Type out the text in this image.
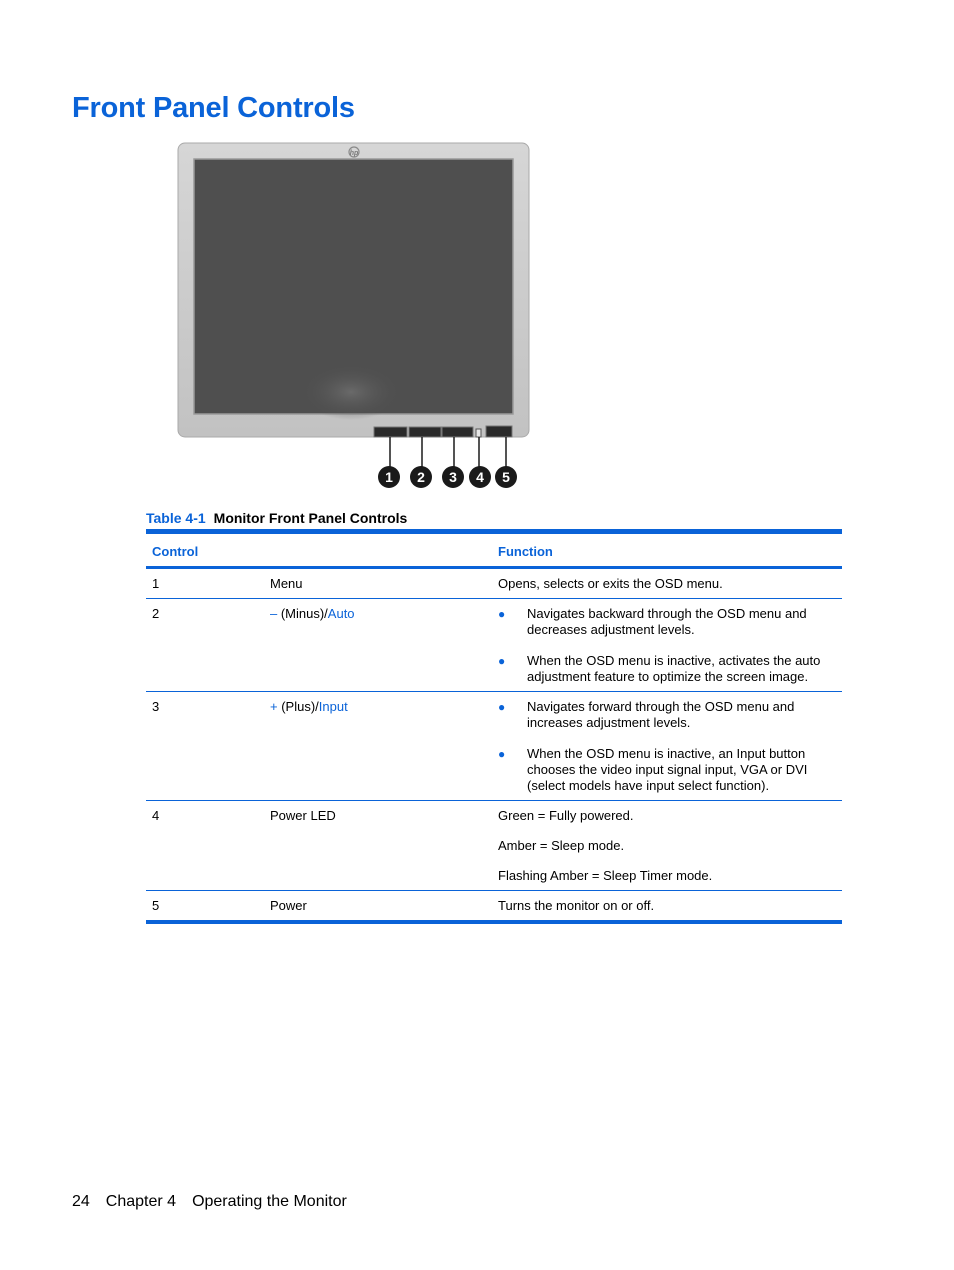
Front Panel Controls
hp
1 2 3 4 5
Table 4-1 Monitor Front Panel Controls
Control		Function
1	Menu	Opens, selects or exits the OSD menu.
2	– (Minus)/Auto	● Navigates backward through the OSD menu and decreases adjustment levels.
● When the OSD menu is inactive, activates the auto adjustment feature to optimize the screen image.

3	+ (Plus)/Input	● Navigates forward through the OSD menu and increases adjustment levels.
● When the OSD menu is inactive, an Input button chooses the video input signal input, VGA or DVI (select models have input select function).

4	Power LED	Green = Fully powered.
Amber = Sleep mode.
Flashing Amber = Sleep Timer mode.

5	Power	Turns the monitor on or off.
24 Chapter 4 Operating the Monitor
